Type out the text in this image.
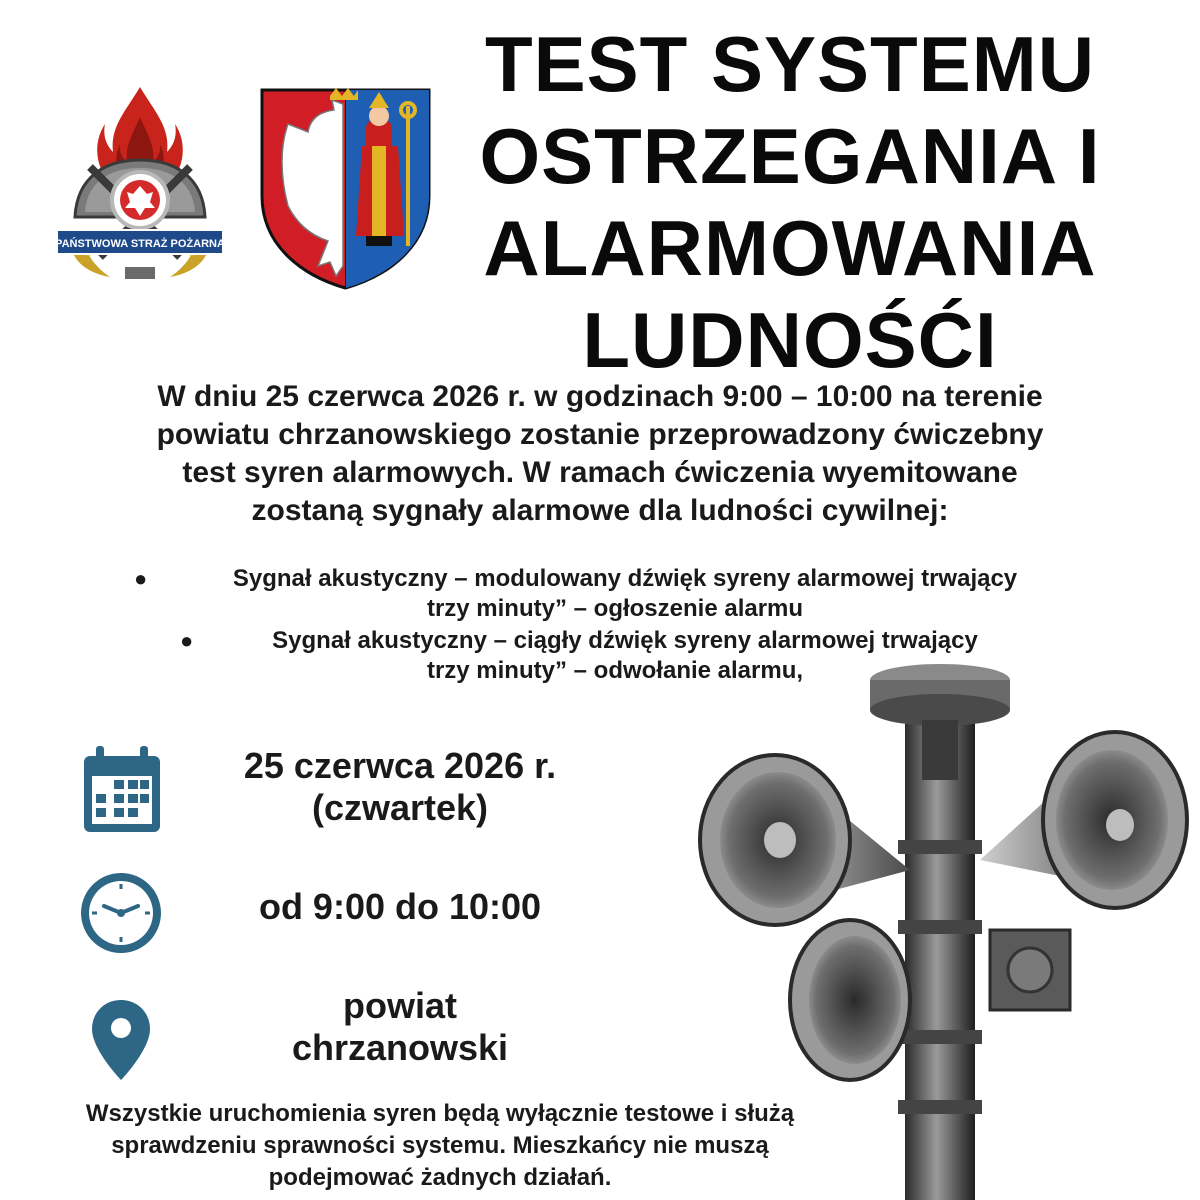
PAŃSTWOWA STRAŻ POŻARNA
TEST SYSTEMU
OSTRZEGANIA I
ALARMOWANIA
LUDNOŚĆI
W dniu 25 czerwca 2026 r. w godzinach 9:00 – 10:00 na terenie
powiatu chrzanowskiego zostanie przeprowadzony ćwiczebny
test syren alarmowych. W ramach ćwiczenia wyemitowane
zostaną sygnały alarmowe dla ludności cywilnej:
●	Sygnał akustyczny – modulowany dźwięk syreny alarmowej trwający
trzy minuty” – ogłoszenie alarmu
●	Sygnał akustyczny – ciągły dźwięk syreny alarmowej trwający
trzy minuty” – odwołanie alarmu,
25 czerwca 2026 r.
(czwartek)
od 9:00 do 10:00
powiat
chrzanowski
Wszystkie uruchomienia syren będą wyłącznie testowe i służą
sprawdzeniu sprawności systemu. Mieszkańcy nie muszą
podejmować żadnych działań.
